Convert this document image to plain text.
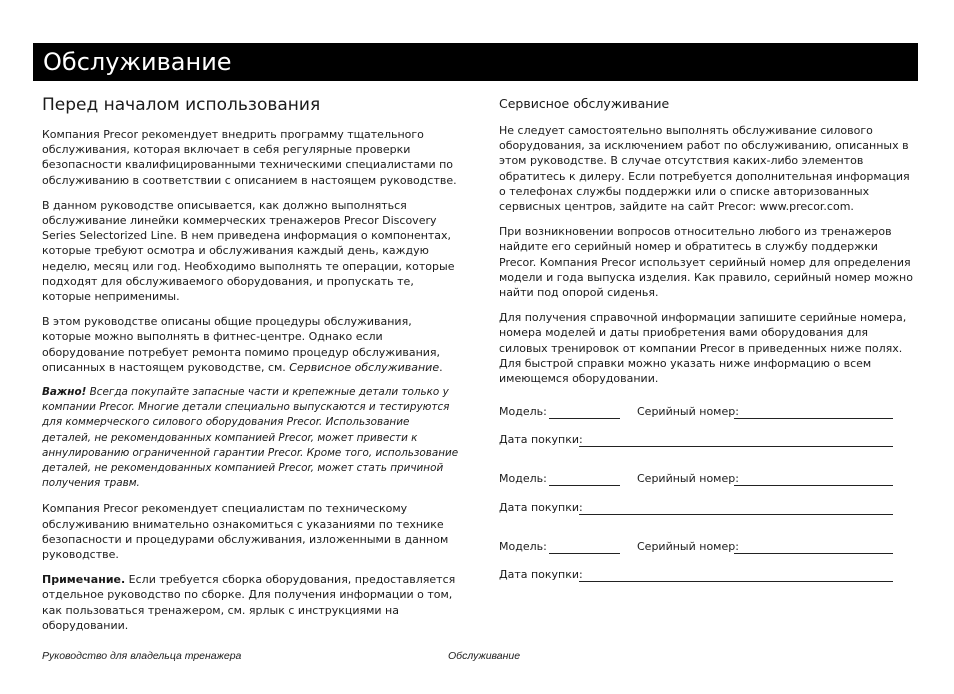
Обслуживание
Перед началом использования

Компания Precor рекомендует внедрить программу тщательного обслуживания, которая включает в себя регулярные проверки безопасности квалифицированными техническими специалистами по обслуживанию в соответствии с описанием в настоящем руководстве.

В данном руководстве описывается, как должно выполняться обслуживание линейки коммерческих тренажеров Precor Discovery Series Selectorized Line. В нем приведена информация о компонентах, которые требуют осмотра и обслуживания каждый день, каждую неделю, месяц или год. Необходимо выполнять те операции, которые подходят для обслуживаемого оборудования, и пропускать те, которые неприменимы.

В этом руководстве описаны общие процедуры обслуживания, которые можно выполнять в фитнес-центре. Однако если оборудование потребует ремонта помимо процедур обслуживания, описанных в настоящем руководстве, см. Сервисное обслуживание.

Важно! Всегда покупайте запасные части и крепежные детали только у компании Precor. Многие детали специально выпускаются и тестируются для коммерческого силового оборудования Precor. Использование деталей, не рекомендованных компанией Precor, может привести к аннулированию ограниченной гарантии Precor. Кроме того, использование деталей, не рекомендованных компанией Precor, может стать причиной получения травм.

Компания Precor рекомендует специалистам по техническому обслуживанию внимательно ознакомиться с указаниями по технике безопасности и процедурами обслуживания, изложенными в данном руководстве.

Примечание. Если требуется сборка оборудования, предоставляется отдельное руководство по сборке. Для получения информации о том, как пользоваться тренажером, см. ярлык с инструкциями на оборудовании.

Сервисное обслуживание

Не следует самостоятельно выполнять обслуживание силового оборудования, за исключением работ по обслуживанию, описанных в этом руководстве. В случае отсутствия каких-либо элементов обратитесь к дилеру. Если потребуется дополнительная информация о телефонах службы поддержки или о списке авторизованных сервисных центров, зайдите на сайт Precor: www.precor.com.

При возникновении вопросов относительно любого из тренажеров найдите его серийный номер и обратитесь в службу поддержки Precor. Компания Precor использует серийный номер для определения модели и года выпуска изделия. Как правило, серийный номер можно найти под опорой сиденья.

Для получения справочной информации запишите серийные номера, номера моделей и даты приобретения вами оборудования для силовых тренировок от компании Precor в приведенных ниже полях. Для быстрой справки можно указать ниже информацию о всем имеющемся оборудовании.

Модель:	Серийный номер:
Дата покупки:
Модель:	Серийный номер:
Дата покупки:
Модель:	Серийный номер:
Дата покупки:
Руководство для владельца тренажера	Обслуживание
